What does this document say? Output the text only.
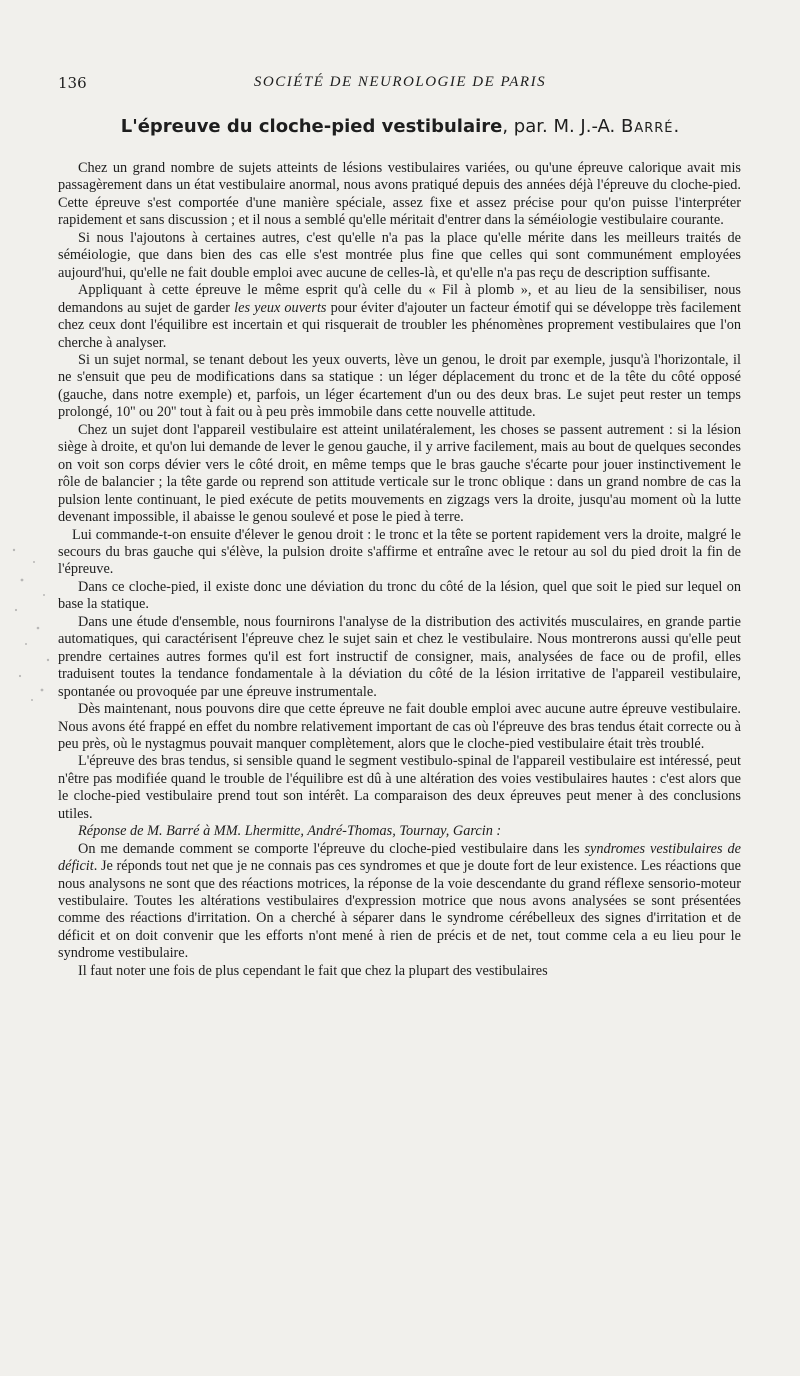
136	SOCIÉTÉ DE NEUROLOGIE DE PARIS
L'épreuve du cloche-pied vestibulaire, par. M. J.-A. Barré.

Chez un grand nombre de sujets atteints de lésions vestibulaires variées, ou qu'une épreuve calorique avait mis passagèrement dans un état vestibulaire anormal, nous avons pratiqué depuis des années déjà l'épreuve du cloche-pied. Cette épreuve s'est comportée d'une manière spéciale, assez fixe et assez précise pour qu'on puisse l'interpréter rapidement et sans discussion ; et il nous a semblé qu'elle méritait d'entrer dans la séméiologie vestibulaire courante.

Si nous l'ajoutons à certaines autres, c'est qu'elle n'a pas la place qu'elle mérite dans les meilleurs traités de séméiologie, que dans bien des cas elle s'est montrée plus fine que celles qui sont communément employées aujourd'hui, qu'elle ne fait double emploi avec aucune de celles-là, et qu'elle n'a pas reçu de description suffisante.

Appliquant à cette épreuve le même esprit qu'à celle du « Fil à plomb », et au lieu de la sensibiliser, nous demandons au sujet de garder les yeux ouverts pour éviter d'ajouter un facteur émotif qui se développe très facilement chez ceux dont l'équilibre est incertain et qui risquerait de troubler les phénomènes proprement vestibulaires que l'on cherche à analyser.

Si un sujet normal, se tenant debout les yeux ouverts, lève un genou, le droit par exemple, jusqu'à l'horizontale, il ne s'ensuit que peu de modifications dans sa statique : un léger déplacement du tronc et de la tête du côté opposé (gauche, dans notre exemple) et, parfois, un léger écartement d'un ou des deux bras. Le sujet peut rester un temps prolongé, 10'' ou 20'' tout à fait ou à peu près immobile dans cette nouvelle attitude.

Chez un sujet dont l'appareil vestibulaire est atteint unilatéralement, les choses se passent autrement : si la lésion siège à droite, et qu'on lui demande de lever le genou gauche, il y arrive facilement, mais au bout de quelques secondes on voit son corps dévier vers le côté droit, en même temps que le bras gauche s'écarte pour jouer instinctivement le rôle de balancier ; la tête garde ou reprend son attitude verticale sur le tronc oblique : dans un grand nombre de cas la pulsion lente continuant, le pied exécute de petits mouvements en zigzags vers la droite, jusqu'au moment où la lutte devenant impossible, il abaisse le genou soulevé et pose le pied à terre.

Lui commande-t-on ensuite d'élever le genou droit : le tronc et la tête se portent rapidement vers la droite, malgré le secours du bras gauche qui s'élève, la pulsion droite s'affirme et entraîne avec le retour au sol du pied droit la fin de l'épreuve.

Dans ce cloche-pied, il existe donc une déviation du tronc du côté de la lésion, quel que soit le pied sur lequel on base la statique.

Dans une étude d'ensemble, nous fournirons l'analyse de la distribution des activités musculaires, en grande partie automatiques, qui caractérisent l'épreuve chez le sujet sain et chez le vestibulaire. Nous montrerons aussi qu'elle peut prendre certaines autres formes qu'il est fort instructif de consigner, mais, analysées de face ou de profil, elles traduisent toutes la tendance fondamentale à la déviation du côté de la lésion irritative de l'appareil vestibulaire, spontanée ou provoquée par une épreuve instrumentale.

Dès maintenant, nous pouvons dire que cette épreuve ne fait double emploi avec aucune autre épreuve vestibulaire. Nous avons été frappé en effet du nombre relativement important de cas où l'épreuve des bras tendus était correcte ou à peu près, où le nystagmus pouvait manquer complètement, alors que le cloche-pied vestibulaire était très troublé.

L'épreuve des bras tendus, si sensible quand le segment vestibulo-spinal de l'appareil vestibulaire est intéressé, peut n'être pas modifiée quand le trouble de l'équilibre est dû à une altération des voies vestibulaires hautes : c'est alors que le cloche-pied vestibulaire prend tout son intérêt. La comparaison des deux épreuves peut mener à des conclusions utiles.

Réponse de M. Barré à MM. Lhermitte, André-Thomas, Tournay, Garcin :

On me demande comment se comporte l'épreuve du cloche-pied vestibulaire dans les syndromes vestibulaires de déficit. Je réponds tout net que je ne connais pas ces syndromes et que je doute fort de leur existence. Les réactions que nous analysons ne sont que des réactions motrices, la réponse de la voie descendante du grand réflexe sensorio-moteur vestibulaire. Toutes les altérations vestibulaires d'expression motrice que nous avons analysées se sont présentées comme des réactions d'irritation. On a cherché à séparer dans le syndrome cérébelleux des signes d'irritation et de déficit et on doit convenir que les efforts n'ont mené à rien de précis et de net, tout comme cela a eu lieu pour le syndrome vestibulaire.

Il faut noter une fois de plus cependant le fait que chez la plupart des vestibulaires
